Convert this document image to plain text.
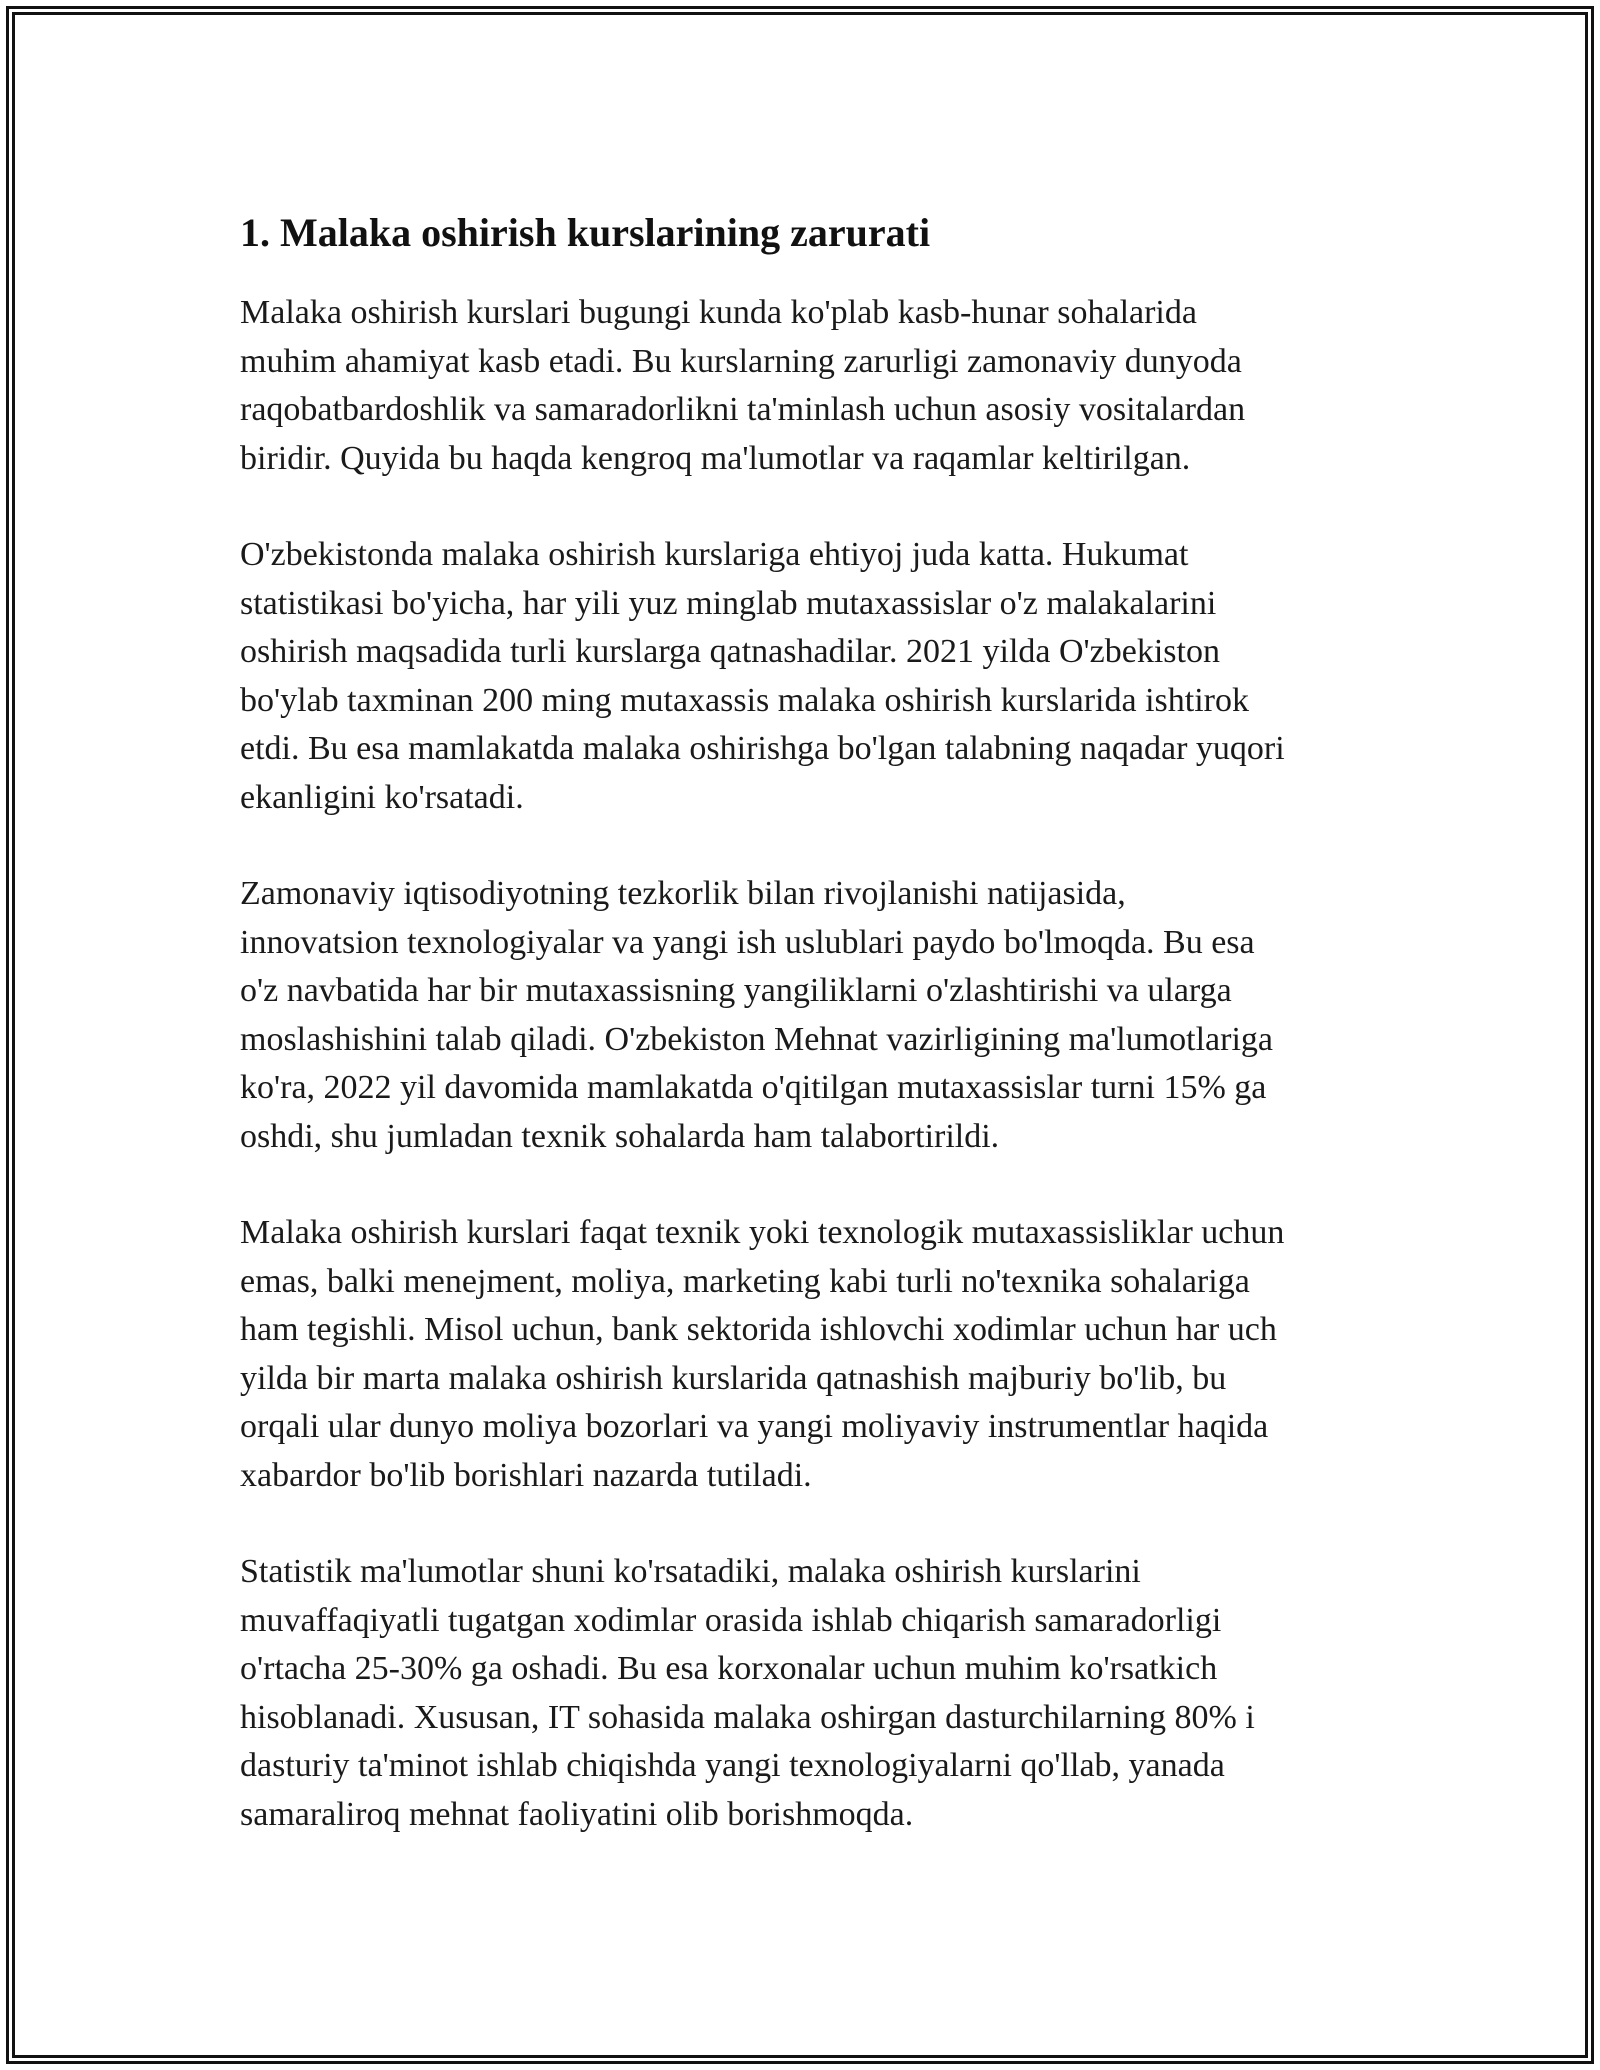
1. Malaka oshirish kurslarining zarurati

Malaka oshirish kurslari bugungi kunda ko'plab kasb-hunar sohalarida
muhim ahamiyat kasb etadi. Bu kurslarning zarurligi zamonaviy dunyoda
raqobatbardoshlik va samaradorlikni ta'minlash uchun asosiy vositalardan
biridir. Quyida bu haqda kengroq ma'lumotlar va raqamlar keltirilgan.

O'zbekistonda malaka oshirish kurslariga ehtiyoj juda katta. Hukumat
statistikasi bo'yicha, har yili yuz minglab mutaxassislar o'z malakalarini
oshirish maqsadida turli kurslarga qatnashadilar. 2021 yilda O'zbekiston
bo'ylab taxminan 200 ming mutaxassis malaka oshirish kurslarida ishtirok
etdi. Bu esa mamlakatda malaka oshirishga bo'lgan talabning naqadar yuqori
ekanligini ko'rsatadi.

Zamonaviy iqtisodiyotning tezkorlik bilan rivojlanishi natijasida,
innovatsion texnologiyalar va yangi ish uslublari paydo bo'lmoqda. Bu esa
o'z navbatida har bir mutaxassisning yangiliklarni o'zlashtirishi va ularga
moslashishini talab qiladi. O'zbekiston Mehnat vazirligining ma'lumotlariga
ko'ra, 2022 yil davomida mamlakatda o'qitilgan mutaxassislar turni 15% ga
oshdi, shu jumladan texnik sohalarda ham talabortirildi.

Malaka oshirish kurslari faqat texnik yoki texnologik mutaxassisliklar uchun
emas, balki menejment, moliya, marketing kabi turli no'texnika sohalariga
ham tegishli. Misol uchun, bank sektorida ishlovchi xodimlar uchun har uch
yilda bir marta malaka oshirish kurslarida qatnashish majburiy bo'lib, bu
orqali ular dunyo moliya bozorlari va yangi moliyaviy instrumentlar haqida
xabardor bo'lib borishlari nazarda tutiladi.

Statistik ma'lumotlar shuni ko'rsatadiki, malaka oshirish kurslarini
muvaffaqiyatli tugatgan xodimlar orasida ishlab chiqarish samaradorligi
o'rtacha 25-30% ga oshadi. Bu esa korxonalar uchun muhim ko'rsatkich
hisoblanadi. Xususan, IT sohasida malaka oshirgan dasturchilarning 80% i
dasturiy ta'minot ishlab chiqishda yangi texnologiyalarni qo'llab, yanada
samaraliroq mehnat faoliyatini olib borishmoqda.
